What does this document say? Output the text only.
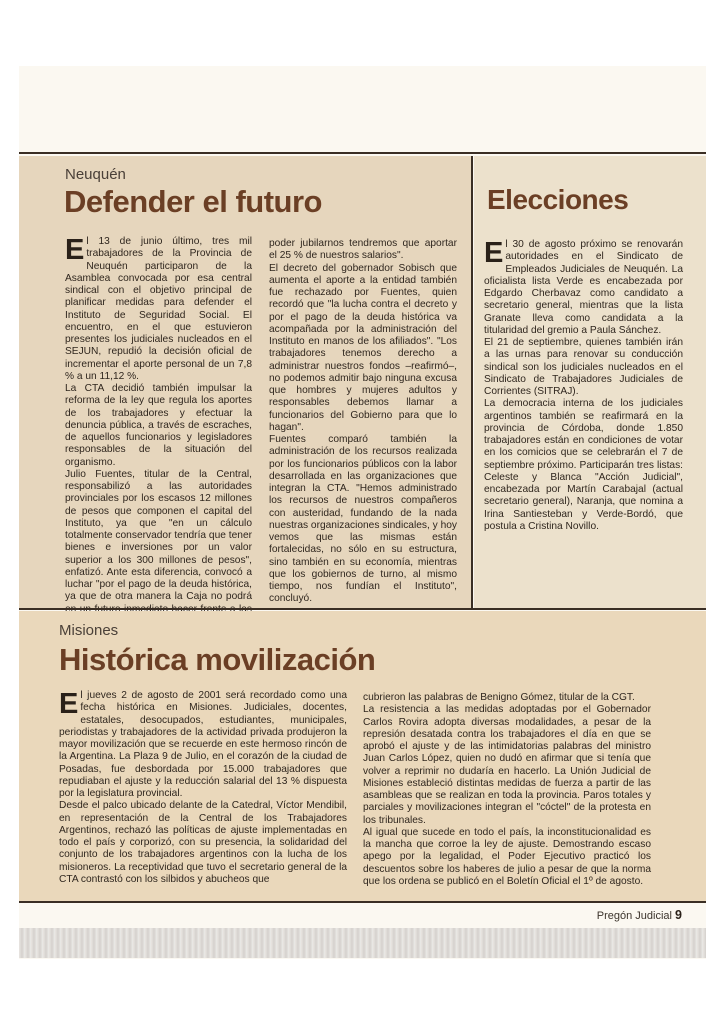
Neuquén
Defender el futuro

El 13 de junio último, tres mil trabajadores de la Provincia de Neuquén participaron de la Asamblea convocada por esa central sindical con el objetivo principal de planificar medidas para defender el Instituto de Seguridad Social. El encuentro, en el que estuvieron presentes los judiciales nucleados en el SEJUN, repudió la decisión oficial de incrementar el aporte personal de un 7,8 % a un 11,12 %.

La CTA decidió también impulsar la reforma de la ley que regula los aportes de los trabajadores y efectuar la denuncia pública, a través de escraches, de aquellos funcionarios y legisladores responsables de la situación del organismo.

Julio Fuentes, titular de la Central, responsabilizó a las autoridades provinciales por los escasos 12 millones de pesos que componen el capital del Instituto, ya que "en un cálculo totalmente conservador tendría que tener bienes e inversiones por un valor superior a los 300 millones de pesos", enfatizó. Ante esta diferencia, convocó a luchar "por el pago de la deuda histórica, ya que de otra manera la Caja no podrá

poder jubilarnos tendremos que aportar el 25 % de nuestros salarios".

El decreto del gobernador Sobisch que aumenta el aporte a la entidad también fue rechazado por Fuentes, quien recordó que "la lucha contra el decreto y por el pago de la deuda histórica va acompañada por la administración del Instituto en manos de los afiliados". "Los trabajadores tenemos derecho a administrar nuestros fondos –reafirmó–, no podemos admitir bajo ninguna excusa que hombres y mujeres adultos y responsables debemos llamar a funcionarios del Gobierno para que lo hagan".

Fuentes comparó también la administración de los recursos realizada por los funcionarios públicos con la labor desarrollada en las organizaciones que integran la CTA. "Hemos administrado los recursos de nuestros compañeros con austeridad, fundando de la nada nuestras organizaciones sindicales, y hoy vemos que las mismas están fortalecidas, no sólo en su estructura, sino también en su economía, mientras que los gobiernos de turno, al mismo tiempo, nos fundían el Instituto", concluyó.

Elecciones

El 30 de agosto próximo se renovarán autoridades en el Sindicato de Empleados Judiciales de Neuquén. La oficialista lista Verde es encabezada por Edgardo Cherbavaz como candidato a secretario general, mientras que la lista Granate lleva como candidata a la titularidad del gremio a Paula Sánchez.

El 21 de septiembre, quienes también irán a las urnas para renovar su conducción sindical son los judiciales nucleados en el Sindicato de Trabajadores Judiciales de Corrientes (SITRAJ).

La democracia interna de los judiciales argentinos también se reafirmará en la provincia de Córdoba, donde 1.850 trabajadores están en condiciones de votar en los comicios que se celebrarán el 7 de septiembre próximo. Participarán tres listas: Celeste y Blanca "Acción Judicial", encabezada por Martín Carabajal (actual secretario general), Naranja, que nomina a Irina Santiesteban y Verde-Bordó, que postula a Cristina Novillo.

Misiones
Histórica movilización

El jueves 2 de agosto de 2001 será recordado como una fecha histórica en Misiones. Judiciales, docentes, estatales, desocupados, estudiantes, municipales, periodistas y trabajadores de la actividad privada produjeron la mayor movilización que se recuerde en este hermoso rincón de la Argentina. La Plaza 9 de Julio, en el corazón de la ciudad de Posadas, fue desbordada por 15.000 trabajadores que repudiaban el ajuste y la reducción salarial del 13 % dispuesta por la legislatura provincial.

Desde el palco ubicado delante de la Catedral, Víctor Mendibil, en representación de la Central de los Trabajadores Argentinos, rechazó las políticas de ajuste implementadas en todo el país y corporizó, con su presencia, la solidaridad del conjunto de los trabajadores argentinos con la lucha de los misioneros. La receptividad que tuvo el secretario general de la CTA contrastó con los silbidos y abucheos que

cubrieron las palabras de Benigno Gómez, titular de la CGT.

La resistencia a las medidas adoptadas por el Gobernador Carlos Rovira adopta diversas modalidades, a pesar de la represión desatada contra los trabajadores el día en que se aprobó el ajuste y de las intimidatorias palabras del ministro Juan Carlos López, quien no dudó en afirmar que si tenía que volver a reprimir no dudaría en hacerlo. La Unión Judicial de Misiones estableció distintas medidas de fuerza a partir de las asambleas que se realizan en toda la provincia. Paros totales y parciales y movilizaciones integran el "cóctel" de la protesta en los tribunales.

Al igual que sucede en todo el país, la inconstitucionalidad es la mancha que corroe la ley de ajuste. Demostrando escaso apego por la legalidad, el Poder Ejecutivo practicó los descuentos sobre los haberes de julio a pesar de que la norma que los ordena se publicó en el Boletín Oficial el 1º de agosto.

Pregón Judicial 9
